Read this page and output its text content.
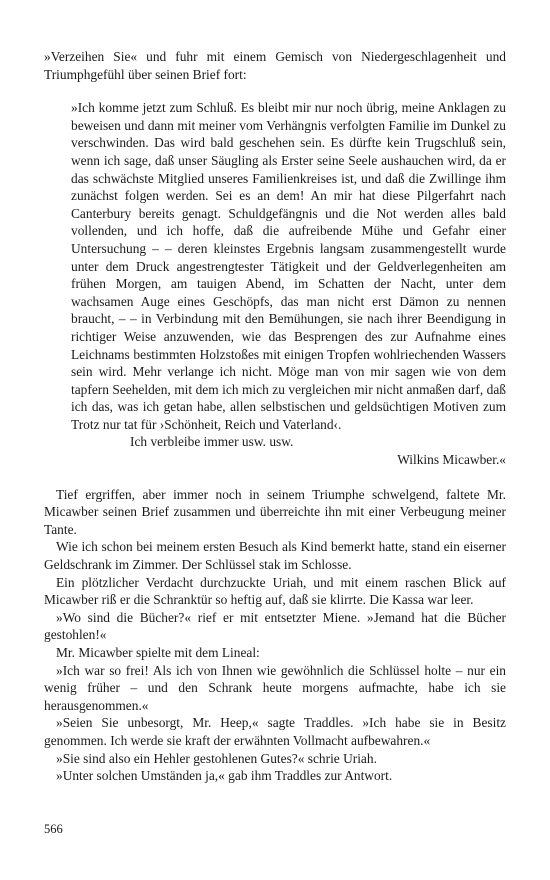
»Verzeihen Sie« und fuhr mit einem Gemisch von Niedergeschlagenheit und Triumphgefühl über seinen Brief fort:

»Ich komme jetzt zum Schluß. Es bleibt mir nur noch übrig, meine Anklagen zu beweisen und dann mit meiner vom Verhängnis verfolgten Familie im Dunkel zu verschwinden. Das wird bald geschehen sein. Es dürfte kein Trugschluß sein, wenn ich sage, daß unser Säugling als Erster seine Seele aushauchen wird, da er das schwächste Mitglied unseres Familienkreises ist, und daß die Zwillinge ihm zunächst folgen werden. Sei es an dem! An mir hat diese Pilgerfahrt nach Canterbury bereits genagt. Schuldgefängnis und die Not werden alles bald vollenden, und ich hoffe, daß die aufreibende Mühe und Gefahr einer Untersuchung – – deren kleinstes Ergebnis langsam zusammengestellt wurde unter dem Druck angestrengtester Tätigkeit und der Geldverlegenheiten am frühen Morgen, am tauigen Abend, im Schatten der Nacht, unter dem wachsamen Auge eines Geschöpfs, das man nicht erst Dämon zu nennen braucht, – – in Verbindung mit den Bemühungen, sie nach ihrer Beendigung in richtiger Weise anzuwenden, wie das Besprengen des zur Aufnahme eines Leichnams bestimmten Holzstoßes mit einigen Tropfen wohlriechenden Wassers sein wird. Mehr verlange ich nicht. Möge man von mir sagen wie von dem tapfern Seehelden, mit dem ich mich zu vergleichen mir nicht anmaßen darf, daß ich das, was ich getan habe, allen selbstischen und geldsüchtigen Motiven zum Trotz nur tat für ›Schönheit, Reich und Vaterland‹.

Ich verbleibe immer usw. usw.

Wilkins Micawber.«

Tief ergriffen, aber immer noch in seinem Triumphe schwelgend, faltete Mr. Micawber seinen Brief zusammen und überreichte ihn mit einer Verbeugung meiner Tante.

Wie ich schon bei meinem ersten Besuch als Kind bemerkt hatte, stand ein eiserner Geldschrank im Zimmer. Der Schlüssel stak im Schlosse.

Ein plötzlicher Verdacht durchzuckte Uriah, und mit einem raschen Blick auf Micawber riß er die Schranktür so heftig auf, daß sie klirrte. Die Kassa war leer.

»Wo sind die Bücher?« rief er mit entsetzter Miene. »Jemand hat die Bücher gestohlen!«

Mr. Micawber spielte mit dem Lineal:

»Ich war so frei! Als ich von Ihnen wie gewöhnlich die Schlüssel holte – nur ein wenig früher – und den Schrank heute morgens aufmachte, habe ich sie herausgenommen.«

»Seien Sie unbesorgt, Mr. Heep,« sagte Traddles. »Ich habe sie in Besitz genommen. Ich werde sie kraft der erwähnten Vollmacht aufbewahren.«

»Sie sind also ein Hehler gestohlenen Gutes?« schrie Uriah.

»Unter solchen Umständen ja,« gab ihm Traddles zur Antwort.

566
